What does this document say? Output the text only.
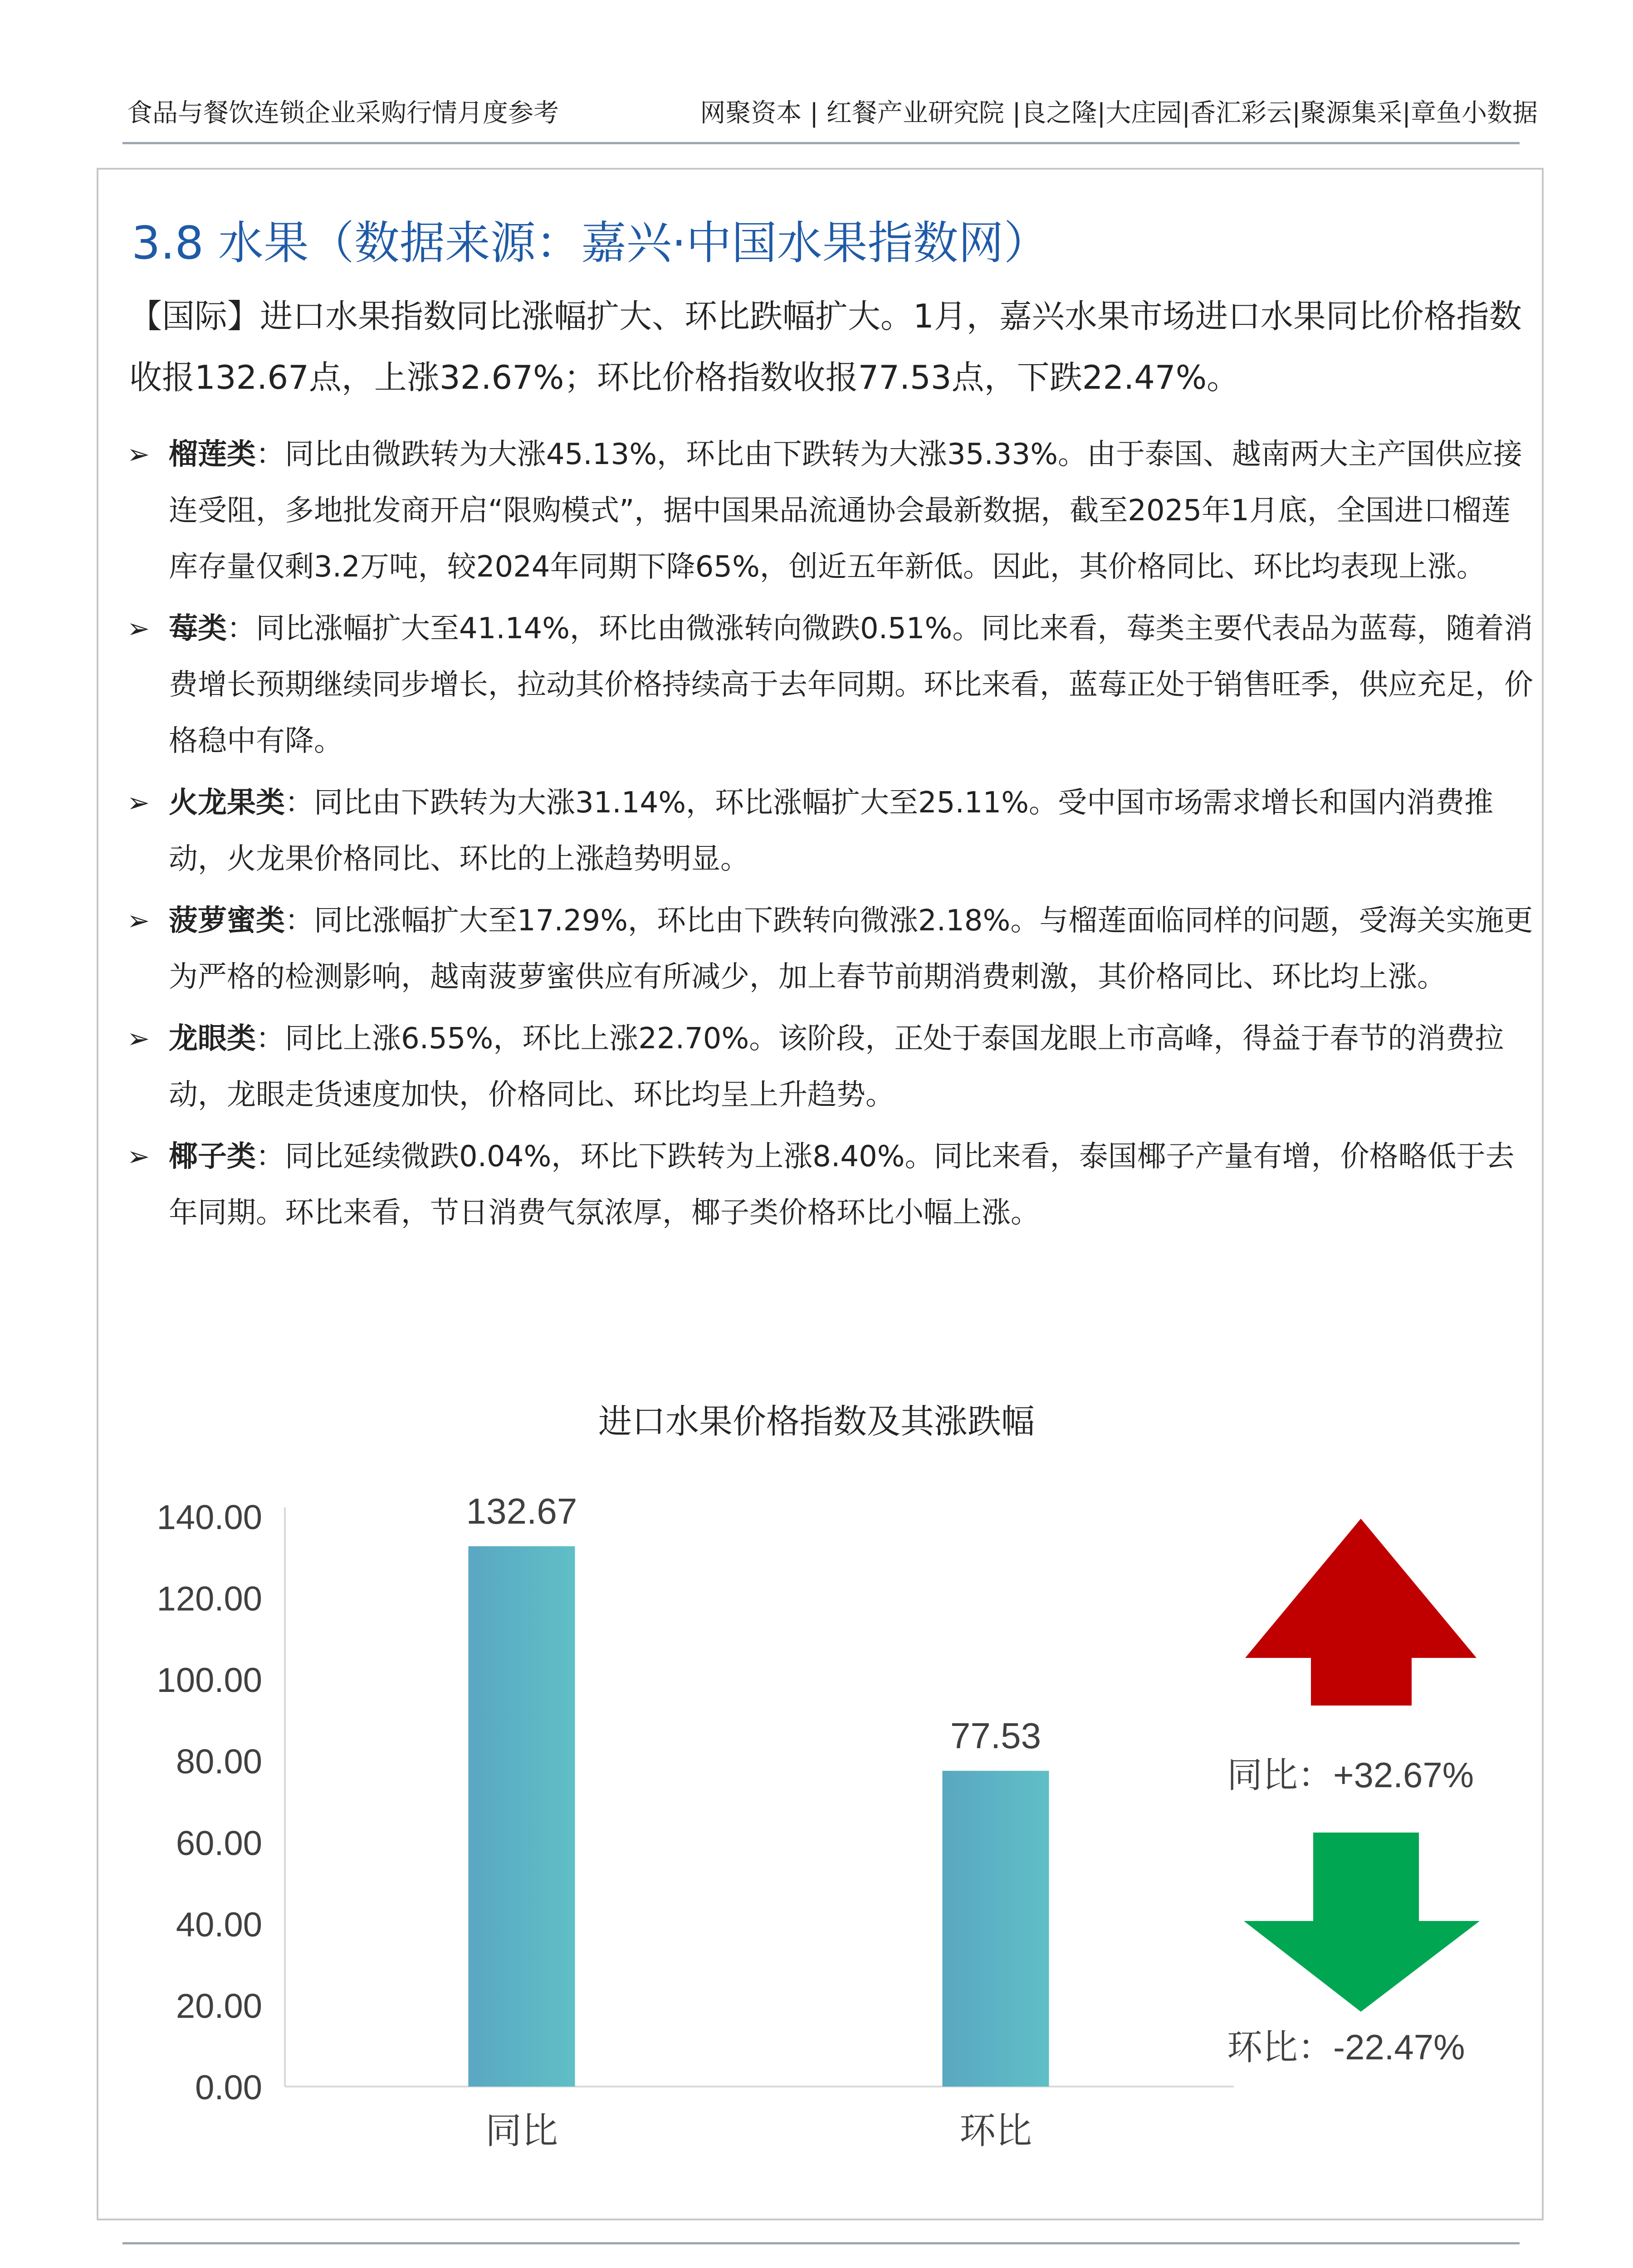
食品与餐饮连锁企业采购行情月度参考	网聚资本 | 红餐产业研究院 |良之隆|大庄园|香汇彩云|聚源集采|章鱼小数据
3.8 水果（数据来源：嘉兴·中国水果指数网）
【国际】进口水果指数同比涨幅扩大、环比跌幅扩大。1月，嘉兴水果市场进口水果同比价格指数收报132.67点，上涨32.67%；环比价格指数收报77.53点，下跌22.47%。
➢ 榴莲类：同比由微跌转为大涨45.13%，环比由下跌转为大涨35.33%。由于泰国、越南两大主产国供应接连受阻，多地批发商开启“限购模式”，据中国果品流通协会最新数据，截至2025年1月底，全国进口榴莲库存量仅剩3.2万吨，较2024年同期下降65%，创近五年新低。因此，其价格同比、环比均表现上涨。
➢ 莓类：同比涨幅扩大至41.14%，环比由微涨转向微跌0.51%。同比来看，莓类主要代表品为蓝莓，随着消费增长预期继续同步增长，拉动其价格持续高于去年同期。环比来看，蓝莓正处于销售旺季，供应充足，价格稳中有降。
➢ 火龙果类：同比由下跌转为大涨31.14%，环比涨幅扩大至25.11%。受中国市场需求增长和国内消费推动，火龙果价格同比、环比的上涨趋势明显。
➢ 菠萝蜜类：同比涨幅扩大至17.29%，环比由下跌转向微涨2.18%。与榴莲面临同样的问题，受海关实施更为严格的检测影响，越南菠萝蜜供应有所减少，加上春节前期消费刺激，其价格同比、环比均上涨。
➢ 龙眼类：同比上涨6.55%，环比上涨22.70%。该阶段，正处于泰国龙眼上市高峰，得益于春节的消费拉动，龙眼走货速度加快，价格同比、环比均呈上升趋势。
➢ 椰子类：同比延续微跌0.04%，环比下跌转为上涨8.40%。同比来看，泰国椰子产量有增，价格略低于去年同期。环比来看，节日消费气氛浓厚，椰子类价格环比小幅上涨。
进口水果价格指数及其涨跌幅
0.00
20.00
40.00
60.00
80.00
100.00
120.00
140.00	132.67
同比
77.53
环比
同比：+32.67%
环比：-22.47%
